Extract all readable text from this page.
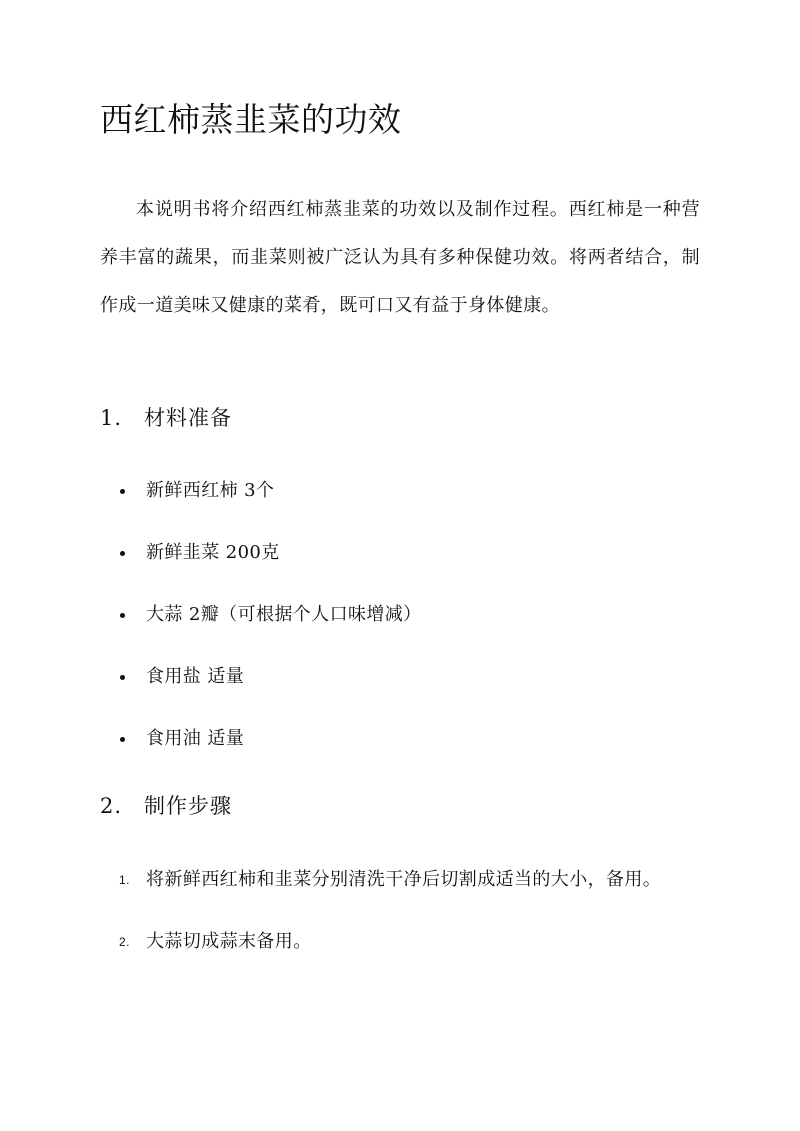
西红柿蒸韭菜的功效

本说明书将介绍西红柿蒸韭菜的功效以及制作过程。西红柿是一种营养丰富的蔬果，而韭菜则被广泛认为具有多种保健功效。将两者结合，制作成一道美味又健康的菜肴，既可口又有益于身体健康。

1. 材料准备
新鲜西红柿 3个
新鲜韭菜 200克
大蒜 2瓣（可根据个人口味增减）
食用盐 适量
食用油 适量
2. 制作步骤
1. 将新鲜西红柿和韭菜分别清洗干净后切割成适当的大小，备用。
2. 大蒜切成蒜末备用。
